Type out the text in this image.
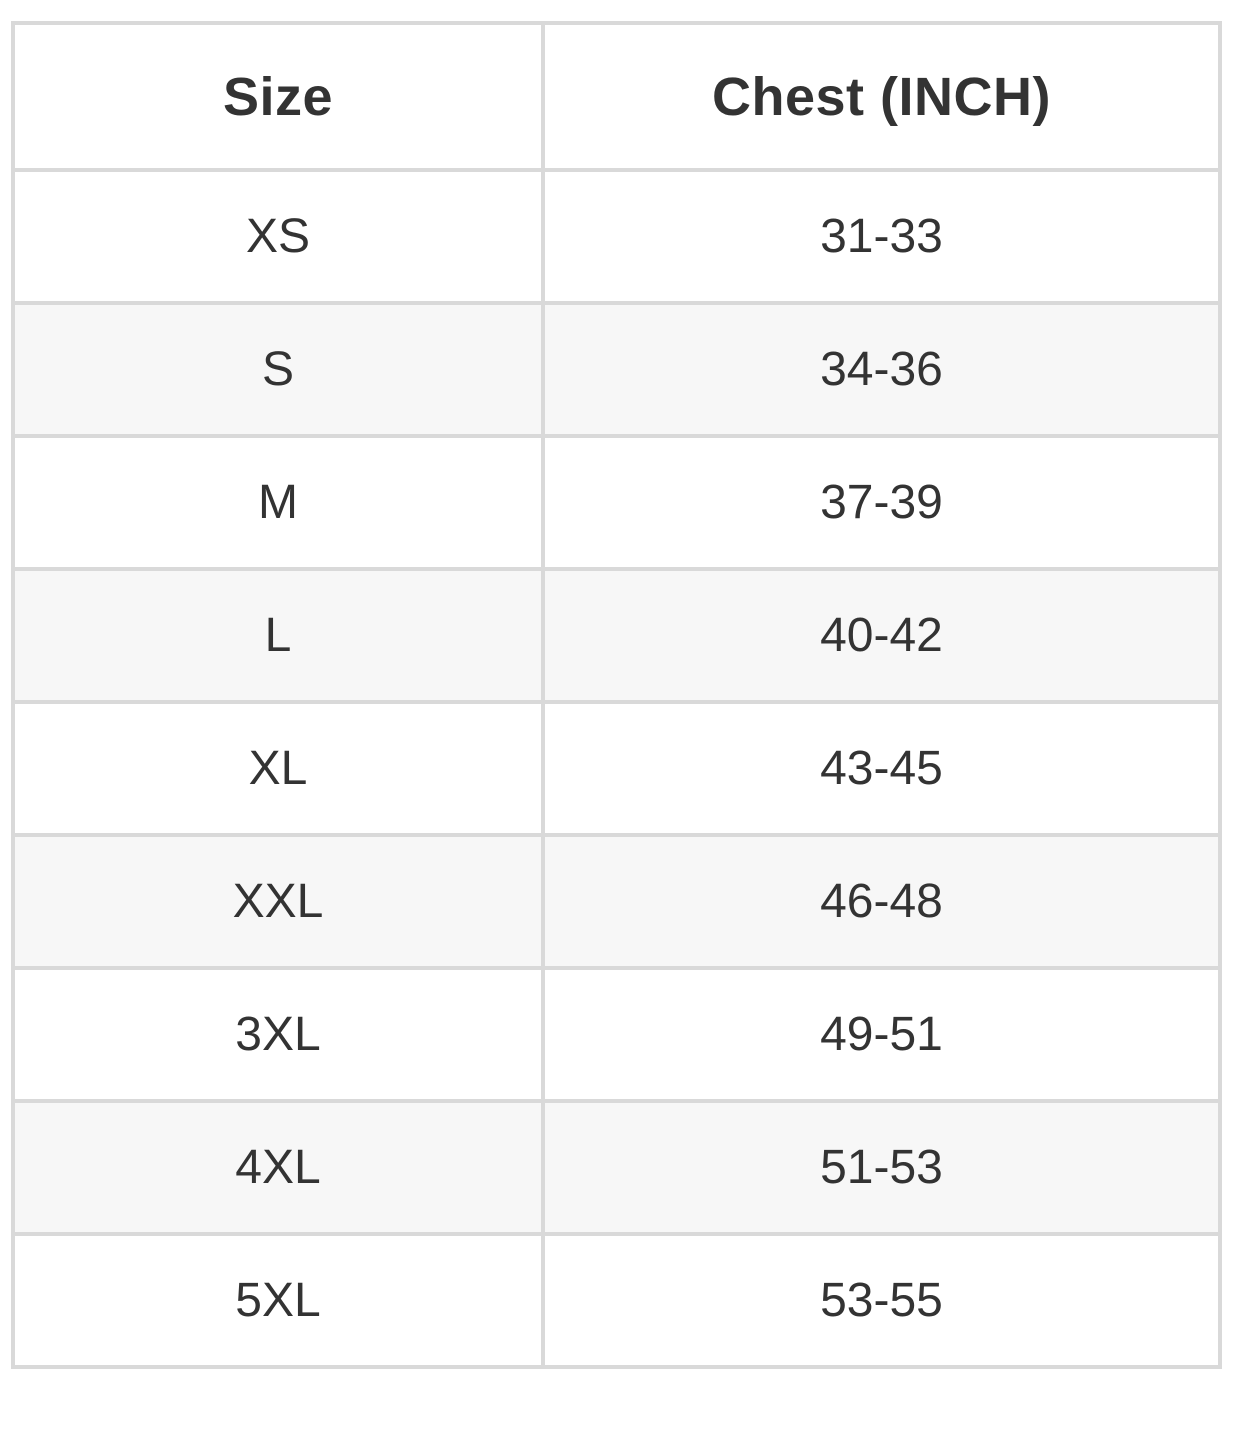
Size	Chest (INCH)
XS	31-33
S	34-36
M	37-39
L	40-42
XL	43-45
XXL	46-48
3XL	49-51
4XL	51-53
5XL	53-55
